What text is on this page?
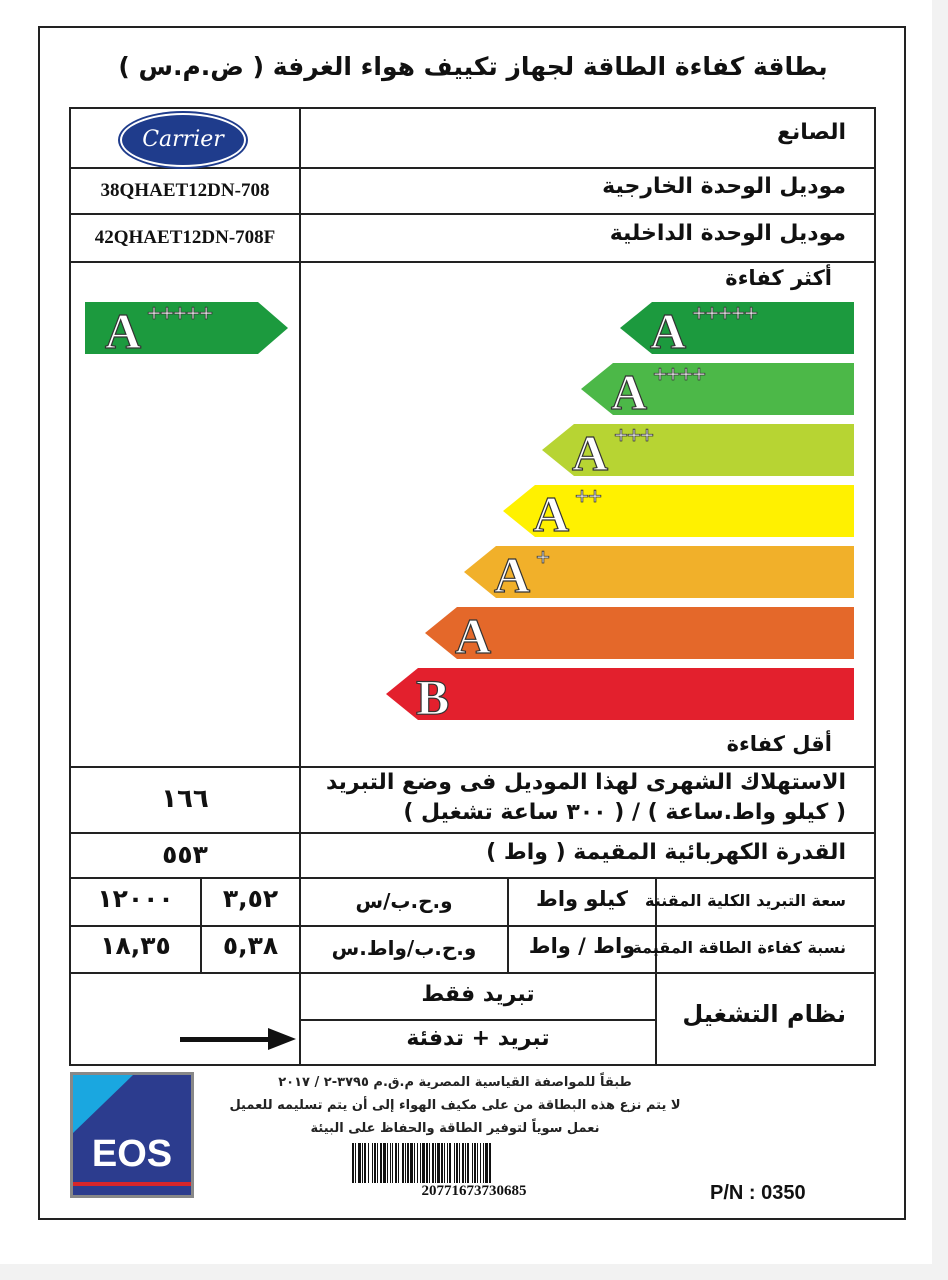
بطاقة كفاءة الطاقة لجهاز تكييف هواء الغرفة ( ض.م.س )
الصانع
Carrier
موديل الوحدة الخارجية
38QHAET12DN-708
موديل الوحدة الداخلية
42QHAET12DN-708F
أكثر كفاءة
أقل كفاءة
A +++++
A ++++
A +++
A ++
A +
A
B
A +++++
الاستهلاك الشهرى لهذا الموديل فى وضع التبريد
( كيلو واط.ساعة ) / ( ٣٠٠ ساعة تشغيل )
١٦٦
القدرة الكهربائية المقيمة ( واط )
٥٥٣
سعة التبريد الكلية المقننة
كيلو واط
و.ح.ب/س
٣,٥٢
١٢٠٠٠
نسبة كفاءة الطاقة المقيمة
واط / واط
و.ح.ب/واط.س
٥,٣٨
١٨,٣٥
نظام التشغيل
تبريد فقط
تبريد + تدفئة
EOS
طبقاً للمواصفة القياسية المصرية م.ق.م ٣٧٩٥-٢ / ٢٠١٧
لا يتم نزع هذه البطاقة من على مكيف الهواء إلى أن يتم تسليمه للعميل
نعمل سوياً لتوفير الطاقة والحفاظ على البيئة
20771673730685	P/N : 0350
